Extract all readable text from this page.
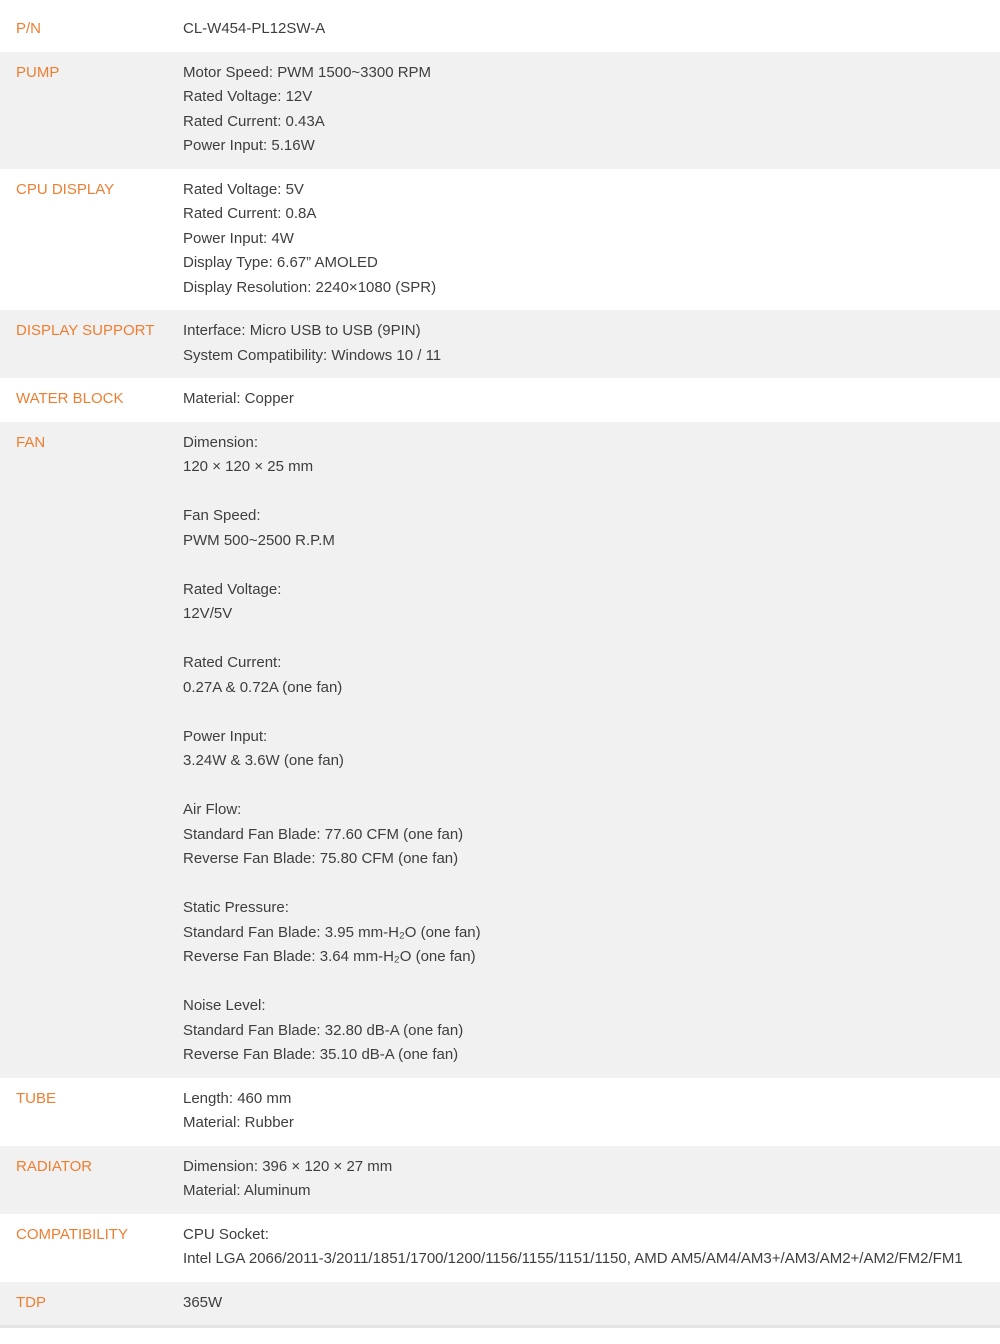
P/N	CL-W454-PL12SW-A
PUMP	Motor Speed: PWM 1500~3300 RPM
Rated Voltage: 12V
Rated Current: 0.43A
Power Input: 5.16W
CPU DISPLAY	Rated Voltage: 5V
Rated Current: 0.8A
Power Input: 4W
Display Type: 6.67” AMOLED
Display Resolution: 2240×1080 (SPR)
DISPLAY SUPPORT	Interface: Micro USB to USB (9PIN)
System Compatibility: Windows 10 / 11
WATER BLOCK	Material: Copper
FAN	Dimension:
120 × 120 × 25 mm
Fan Speed:
PWM 500~2500 R.P.M
Rated Voltage:
12V/5V
Rated Current:
0.27A & 0.72A (one fan)
Power Input:
3.24W & 3.6W (one fan)
Air Flow:
Standard Fan Blade: 77.60 CFM (one fan)
Reverse Fan Blade: 75.80 CFM (one fan)
Static Pressure:
Standard Fan Blade: 3.95 mm-H₂O (one fan)
Reverse Fan Blade: 3.64 mm-H₂O (one fan)
Noise Level:
Standard Fan Blade: 32.80 dB-A (one fan)
Reverse Fan Blade: 35.10 dB-A (one fan)
TUBE	Length: 460 mm
Material: Rubber
RADIATOR	Dimension: 396 × 120 × 27 mm
Material: Aluminum
COMPATIBILITY	CPU Socket:
Intel LGA 2066/2011-3/2011/1851/1700/1200/1156/1155/1151/1150, AMD AM5/AM4/AM3+/AM3/AM2+/AM2/FM2/FM1
TDP	365W
